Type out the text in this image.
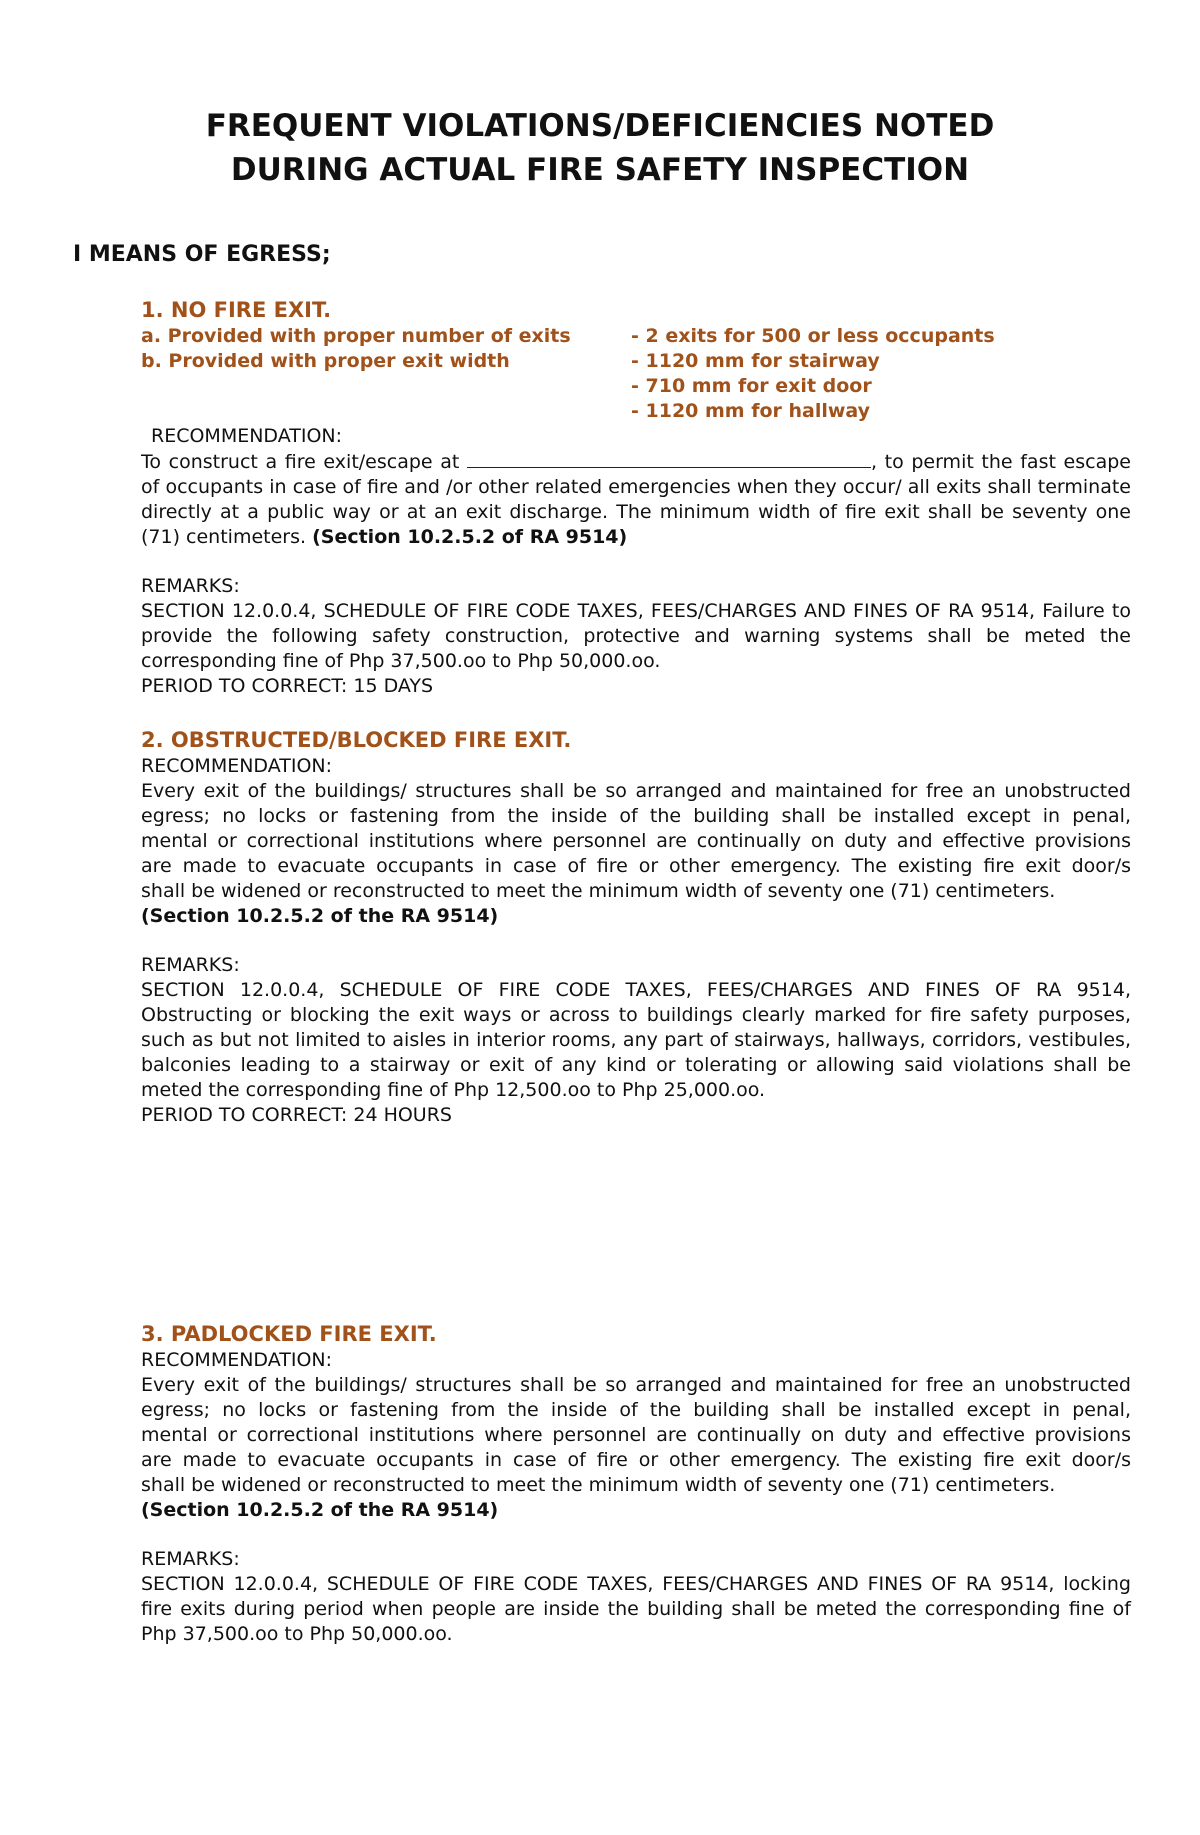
FREQUENT VIOLATIONS/DEFICIENCIES NOTED
DURING ACTUAL FIRE SAFETY INSPECTION
I MEANS OF EGRESS;
1. NO FIRE EXIT.
a. Provided with proper number of exits	- 2 exits for 500 or less occupants
b. Provided with proper exit width	- 1120 mm for stairway
- 710 mm for exit door
- 1120 mm for hallway
RECOMMENDATION:
To construct a fire exit/escape at	, to permit the fast escape of occupants in case of fire and /or other related emergencies when they occur/ all exits shall terminate directly at a public way or at an exit discharge. The minimum width of fire exit shall be seventy one (71) centimeters. (Section 10.2.5.2 of RA 9514)
REMARKS:
SECTION 12.0.0.4, SCHEDULE OF FIRE CODE TAXES, FEES/CHARGES AND FINES OF RA 9514, Failure to provide the following safety construction, protective and warning systems shall be meted the corresponding fine of Php 37,500.oo to Php 50,000.oo.
PERIOD TO CORRECT: 15 DAYS
2. OBSTRUCTED/BLOCKED FIRE EXIT.
RECOMMENDATION:
Every exit of the buildings/ structures shall be so arranged and maintained for free an unobstructed
egress; no locks or fastening from the inside of the building shall be installed except in penal,
mental or correctional institutions where personnel are continually on duty and effective provisions
are made to evacuate occupants in case of fire or other emergency. The existing fire exit door/s
shall be widened or reconstructed to meet the minimum width of seventy one (71) centimeters.
(Section 10.2.5.2 of the RA 9514)
REMARKS:
SECTION 12.0.0.4, SCHEDULE OF FIRE CODE TAXES, FEES/CHARGES AND FINES OF RA 9514, Obstructing or blocking the exit ways or across to buildings clearly marked for fire safety purposes, such as but not limited to aisles in interior rooms, any part of stairways, hallways, corridors, vestibules, balconies leading to a stairway or exit of any kind or tolerating or allowing said violations shall be meted the corresponding fine of Php 12,500.oo to Php 25,000.oo.
PERIOD TO CORRECT: 24 HOURS
3. PADLOCKED FIRE EXIT.
RECOMMENDATION:
Every exit of the buildings/ structures shall be so arranged and maintained for free an unobstructed
egress; no locks or fastening from the inside of the building shall be installed except in penal,
mental or correctional institutions where personnel are continually on duty and effective provisions
are made to evacuate occupants in case of fire or other emergency. The existing fire exit door/s
shall be widened or reconstructed to meet the minimum width of seventy one (71) centimeters.
(Section 10.2.5.2 of the RA 9514)
REMARKS:
SECTION 12.0.0.4, SCHEDULE OF FIRE CODE TAXES, FEES/CHARGES AND FINES OF RA 9514, locking fire exits during period when people are inside the building shall be meted the corresponding fine of Php 37,500.oo to Php 50,000.oo.
